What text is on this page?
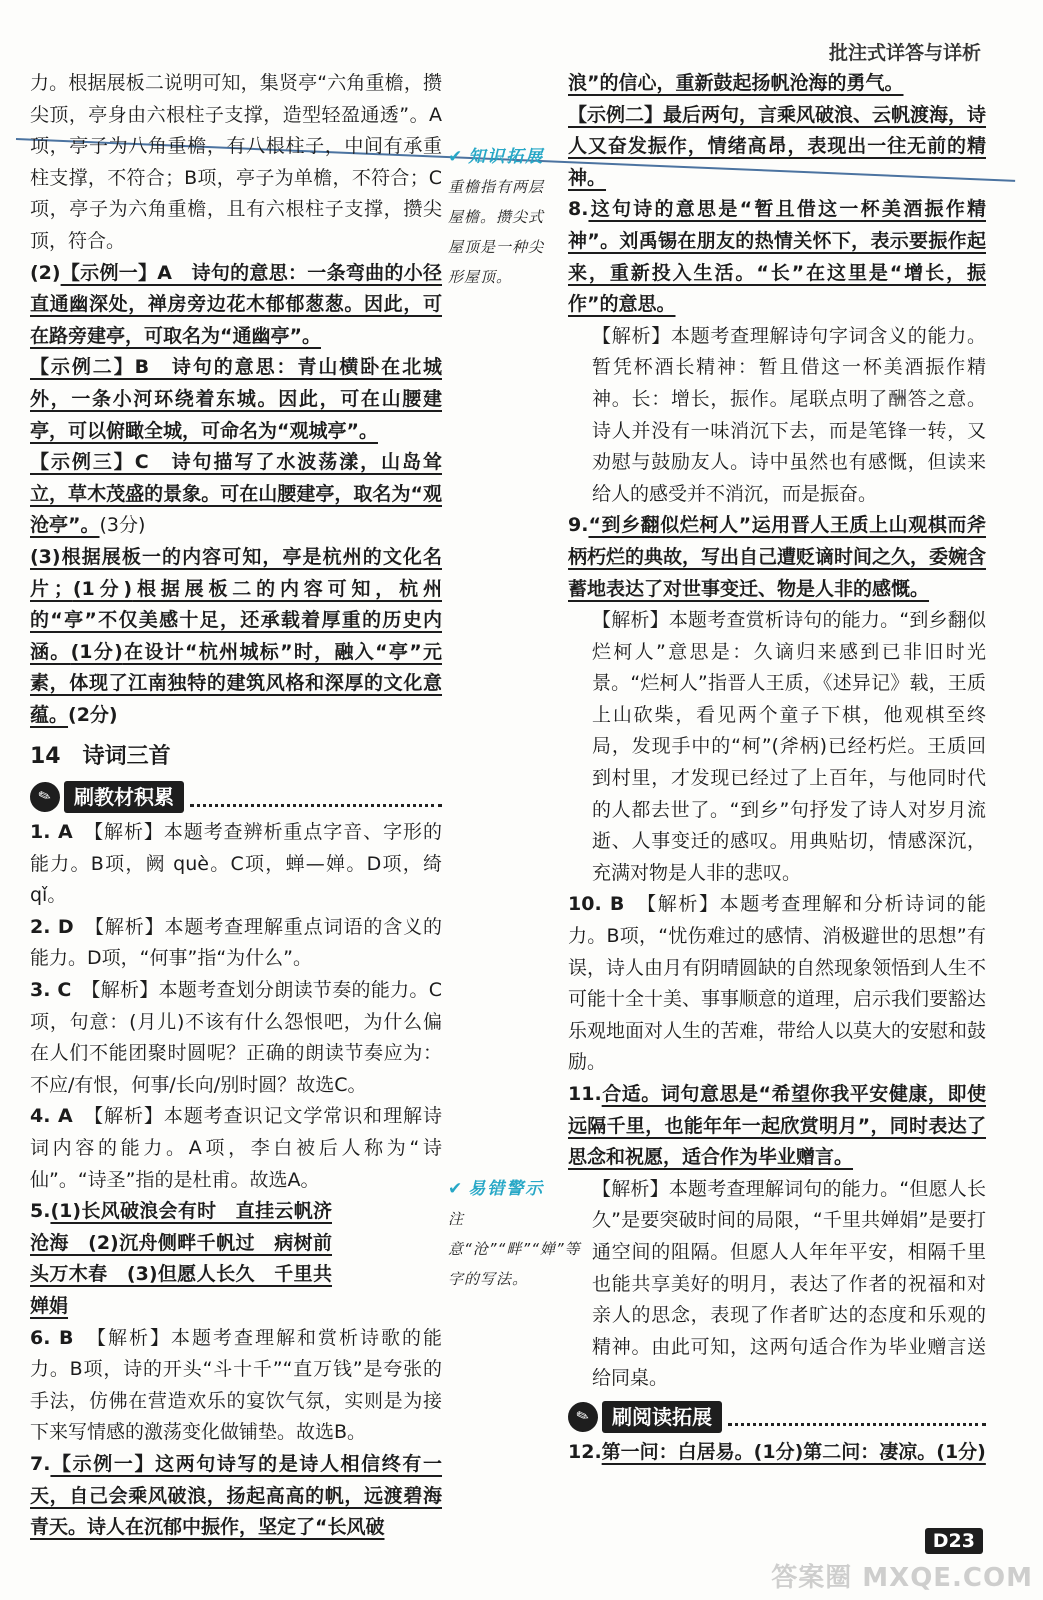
批注式详答与详析

力。根据展板二说明可知，集贤亭“六角重檐，攒尖顶，亭身由六根柱子支撑，造型轻盈通透”。A项，亭子为八角重檐，有八根柱子，中间有承重柱支撑，不符合；B项，亭子为单檐，不符合；C项，亭子为六角重檐，且有六根柱子支撑，攒尖顶，符合。

(2)【示例一】A　诗句的意思：一条弯曲的小径直通幽深处，禅房旁边花木郁郁葱葱。因此，可在路旁建亭，可取名为“通幽亭”。

【示例二】B　诗句的意思：青山横卧在北城外，一条小河环绕着东城。因此，可在山腰建亭，可以俯瞰全城，可命名为“观城亭”。

【示例三】C　诗句描写了水波荡漾，山岛耸立，草木茂盛的景象。可在山腰建亭，取名为“观沧亭”。(3分)

(3)根据展板一的内容可知，亭是杭州的文化名片；(1分)根据展板二的内容可知，杭州的“亭”不仅美感十足，还承载着厚重的历史内涵。(1分)在设计“杭州城标”时，融入“亭”元素，体现了江南独特的建筑风格和深厚的文化意蕴。(2分)

14　诗词三首

✎	刷教材积累

1. A　 【解析】本题考查辨析重点字音、字形的能力。B项，阙 què。C项，蝉—婵。D项，绮 qǐ。

2. D　 【解析】本题考查理解重点词语的含义的能力。D项，“何事”指“为什么”。

3. C　 【解析】本题考查划分朗读节奏的能力。C项，句意：(月儿)不该有什么怨恨吧，为什么偏在人们不能团聚时圆呢？正确的朗读节奏应为：不应/有恨，何事/长向/别时圆？故选C。

4. A　 【解析】本题考查识记文学常识和理解诗词内容的能力。A项，李白被后人称为“诗仙”。“诗圣”指的是杜甫。故选A。

5.(1)长风破浪会有时　直挂云帆济沧海　(2)沉舟侧畔千帆过　病树前头万木春　(3)但愿人长久　千里共婵娟

6. B　 【解析】本题考查理解和赏析诗歌的能力。B项，诗的开头“斗十千”“直万钱”是夸张的手法，仿佛在营造欢乐的宴饮气氛，实则是为接下来写情感的激荡变化做铺垫。故选B。

7.【示例一】这两句诗写的是诗人相信终有一天，自己会乘风破浪，扬起高高的帆，远渡碧海青天。诗人在沉郁中振作，坚定了“长风破

✔ 知识拓展
重檐指有两层屋檐。攒尖式屋顶是一种尖形屋顶。
✔ 易错警示
注意“沧”“畔”“婵”等字的写法。

浪”的信心，重新鼓起扬帆沧海的勇气。

【示例二】最后两句，言乘风破浪、云帆渡海，诗人又奋发振作，情绪高昂，表现出一往无前的精神。

8.这句诗的意思是“暂且借这一杯美酒振作精神”。刘禹锡在朋友的热情关怀下，表示要振作起来，重新投入生活。“长”在这里是“增长，振作”的意思。

【解析】本题考查理解诗句字词含义的能力。暂凭杯酒长精神：暂且借这一杯美酒振作精神。长：增长，振作。尾联点明了酬答之意。诗人并没有一味消沉下去，而是笔锋一转，又劝慰与鼓励友人。诗中虽然也有感慨，但读来给人的感受并不消沉，而是振奋。

9.“到乡翻似烂柯人”运用晋人王质上山观棋而斧柄朽烂的典故，写出自己遭贬谪时间之久，委婉含蓄地表达了对世事变迁、物是人非的感慨。

【解析】本题考查赏析诗句的能力。“到乡翻似烂柯人”意思是：久谪归来感到已非旧时光景。“烂柯人”指晋人王质，《述异记》载，王质上山砍柴，看见两个童子下棋，他观棋至终局，发现手中的“柯”(斧柄)已经朽烂。王质回到村里，才发现已经过了上百年，与他同时代的人都去世了。“到乡”句抒发了诗人对岁月流逝、人事变迁的感叹。用典贴切，情感深沉，充满对物是人非的悲叹。

10. B　 【解析】本题考查理解和分析诗词的能力。B项，“忧伤难过的感情、消极避世的思想”有误，诗人由月有阴晴圆缺的自然现象领悟到人生不可能十全十美、事事顺意的道理，启示我们要豁达乐观地面对人生的苦难，带给人以莫大的安慰和鼓励。

11.合适。词句意思是“希望你我平安健康，即使远隔千里，也能年年一起欣赏明月”，同时表达了思念和祝愿，适合作为毕业赠言。

【解析】本题考查理解词句的能力。“但愿人长久”是要突破时间的局限，“千里共婵娟”是要打通空间的阻隔。但愿人人年年平安，相隔千里也能共享美好的明月，表达了作者的祝福和对亲人的思念，表现了作者旷达的态度和乐观的精神。由此可知，这两句适合作为毕业赠言送给同桌。

✎	刷阅读拓展

12.第一问：白居易。(1分)第二问：凄凉。(1分)

D23
答案圈 MXQE.COM
